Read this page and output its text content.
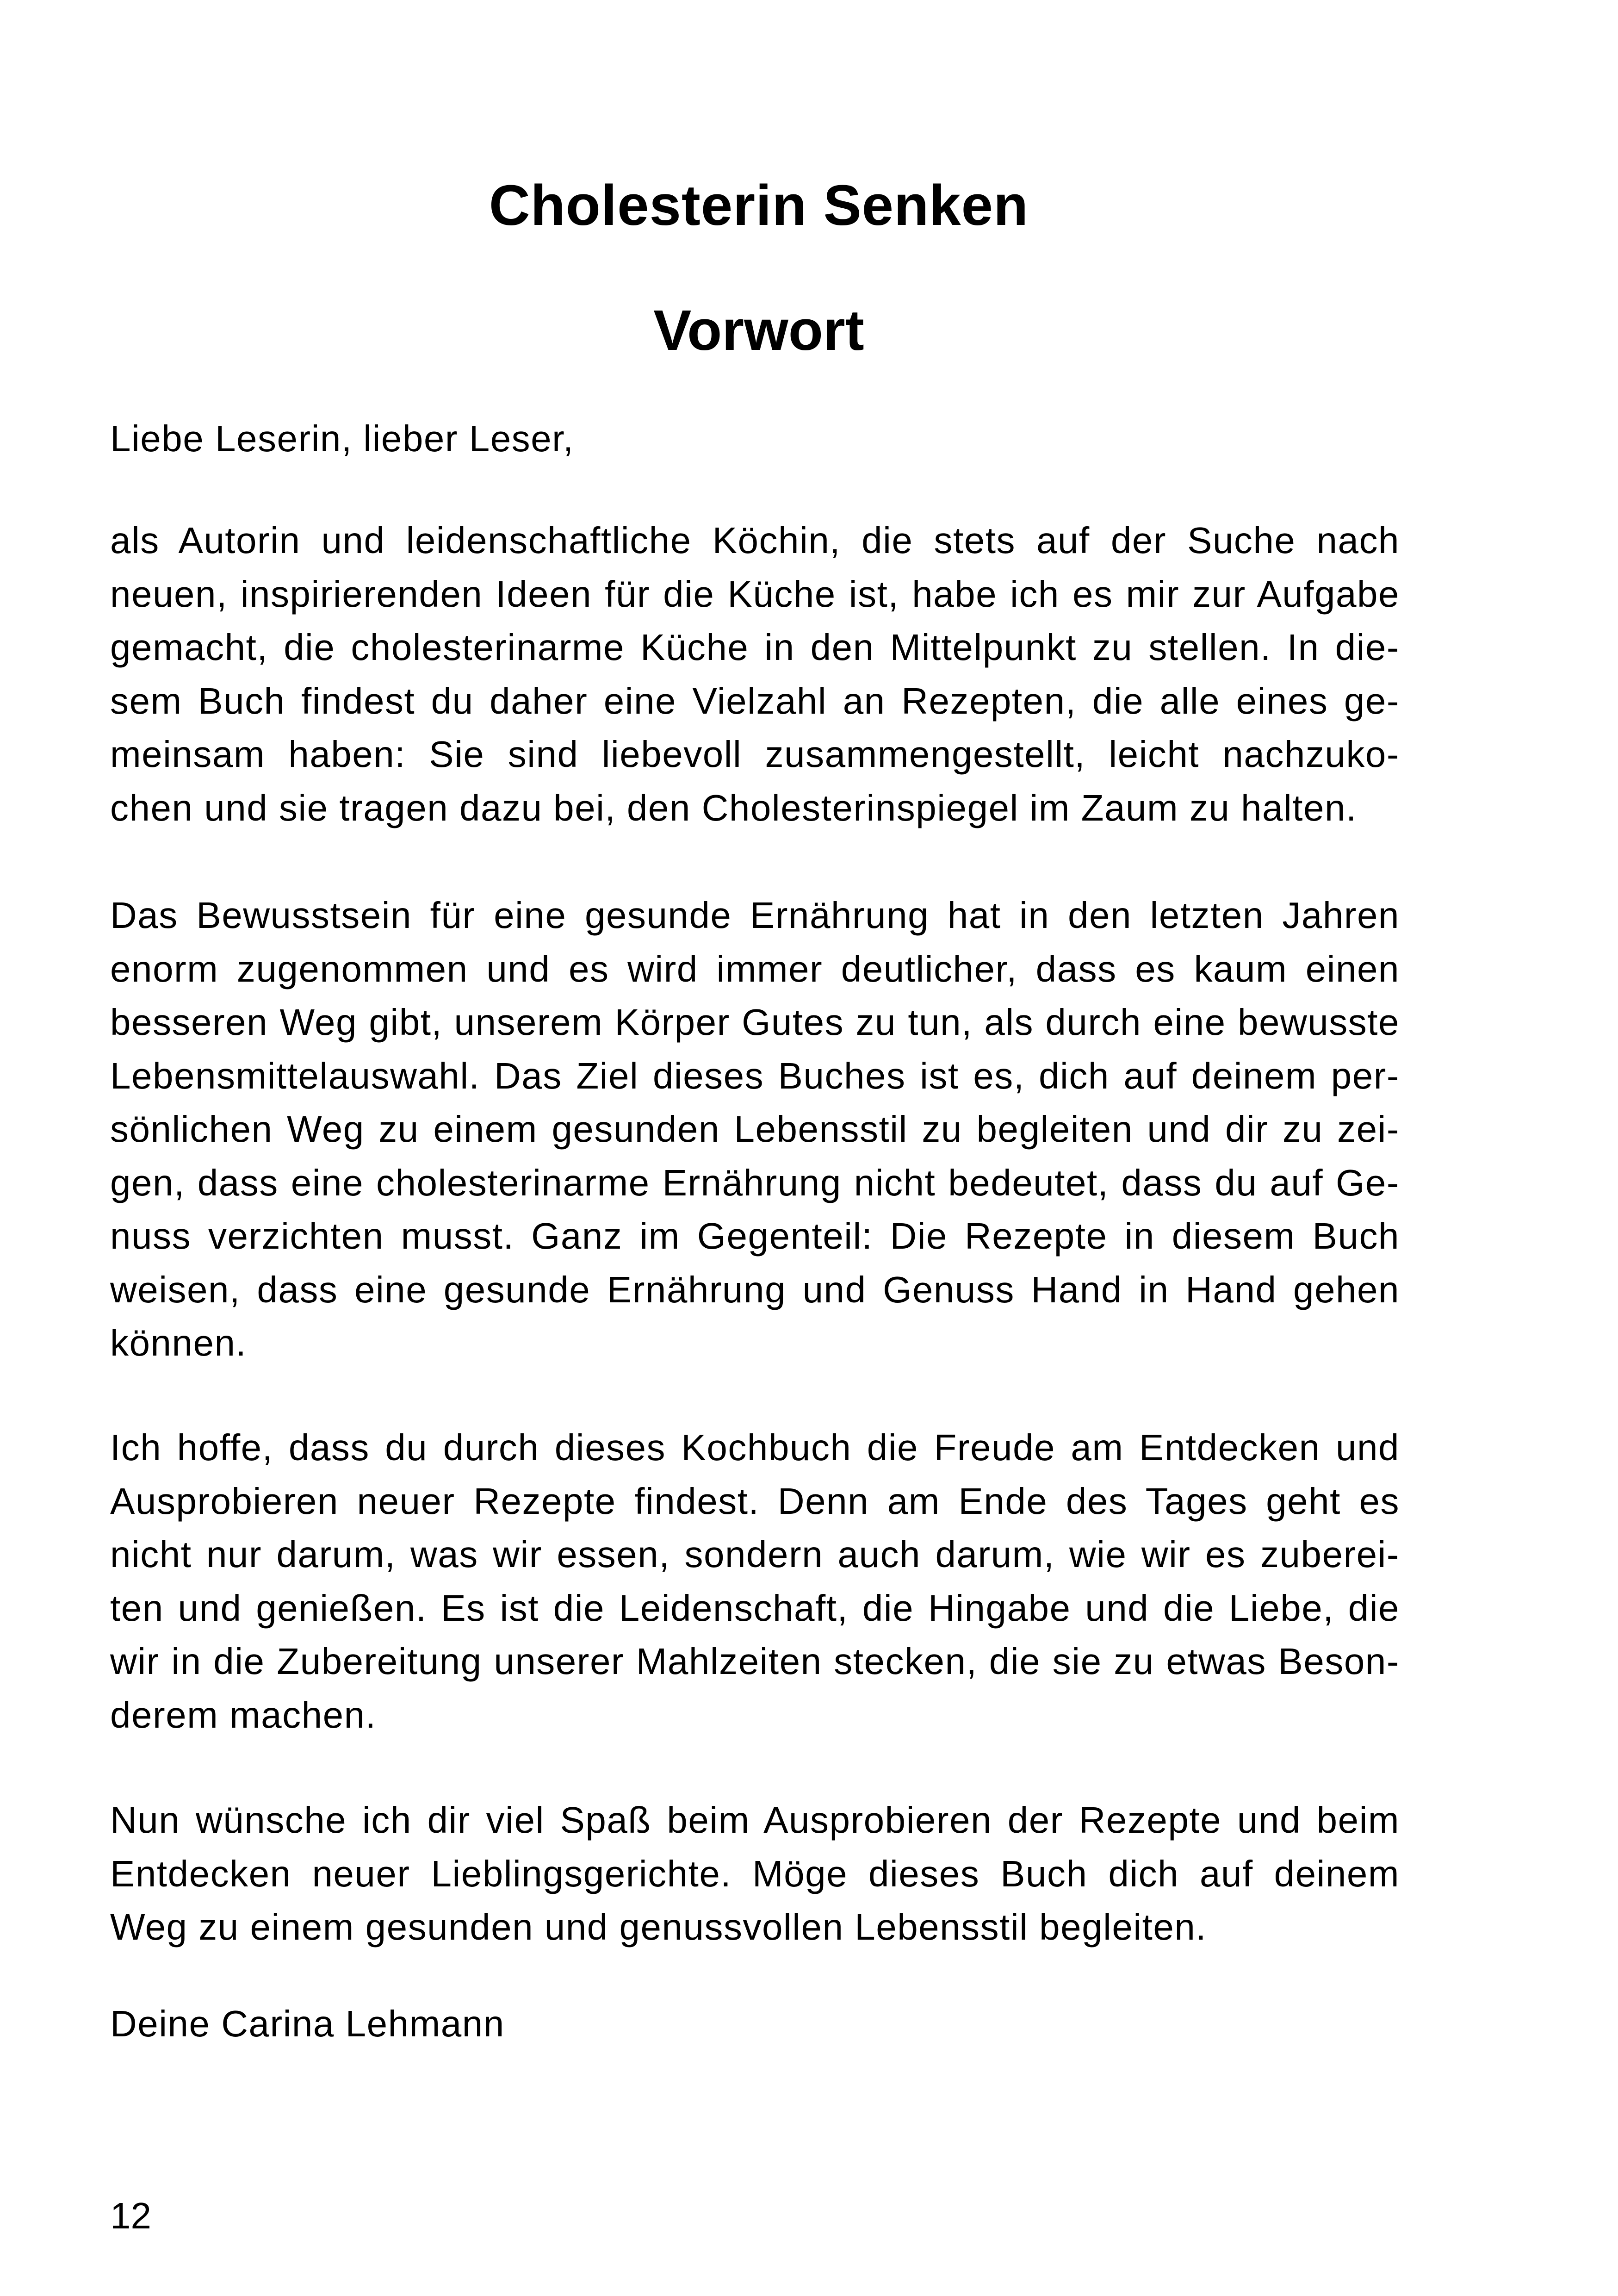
Cholesterin Senken
Vorwort

Liebe Leserin, lieber Leser,

als Autorin und leidenschaftliche Köchin, die stets auf der Suche nach
neuen, inspirierenden Ideen für die Küche ist, habe ich es mir zur Aufgabe
gemacht, die cholesterinarme Küche in den Mittelpunkt zu stellen. In die-
sem Buch findest du daher eine Vielzahl an Rezepten, die alle eines ge-
meinsam haben: Sie sind liebevoll zusammengestellt, leicht nachzuko-
chen und sie tragen dazu bei, den Cholesterinspiegel im Zaum zu halten.

Das Bewusstsein für eine gesunde Ernährung hat in den letzten Jahren
enorm zugenommen und es wird immer deutlicher, dass es kaum einen
besseren Weg gibt, unserem Körper Gutes zu tun, als durch eine bewusste
Lebensmittelauswahl. Das Ziel dieses Buches ist es, dich auf deinem per-
sönlichen Weg zu einem gesunden Lebensstil zu begleiten und dir zu zei-
gen, dass eine cholesterinarme Ernährung nicht bedeutet, dass du auf Ge-
nuss verzichten musst. Ganz im Gegenteil: Die Rezepte in diesem Buch
weisen, dass eine gesunde Ernährung und Genuss Hand in Hand gehen
können.

Ich hoffe, dass du durch dieses Kochbuch die Freude am Entdecken und
Ausprobieren neuer Rezepte findest. Denn am Ende des Tages geht es
nicht nur darum, was wir essen, sondern auch darum, wie wir es zuberei-
ten und genießen. Es ist die Leidenschaft, die Hingabe und die Liebe, die
wir in die Zubereitung unserer Mahlzeiten stecken, die sie zu etwas Beson-
derem machen.

Nun wünsche ich dir viel Spaß beim Ausprobieren der Rezepte und beim
Entdecken neuer Lieblingsgerichte. Möge dieses Buch dich auf deinem
Weg zu einem gesunden und genussvollen Lebensstil begleiten.

Deine Carina Lehmann

12
